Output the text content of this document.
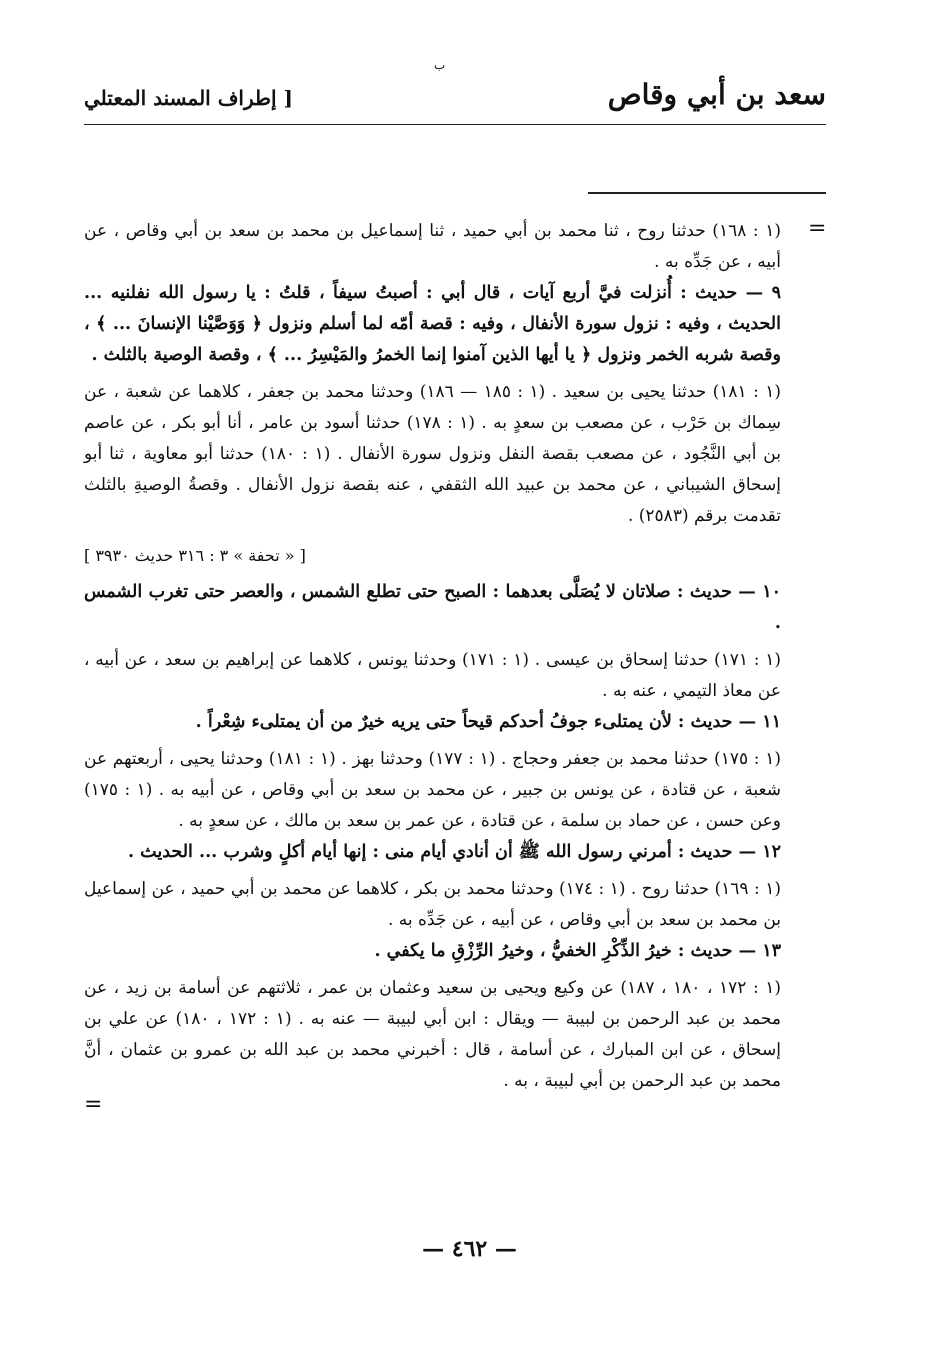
ب
[ إطراف المسند المعتلي	سعد بن أبي وقاص
=

(١ : ١٦٨) حدثنا روح ، ثنا محمد بن أبي حميد ، ثنا إسماعيل بن محمد بن سعد بن أبي وقاص ، عن أبيه ، عن جَدِّه به .

٩ — حديث : أُنزلت فيَّ أربع آيات ، قال أبي : أصبتُ سيفاً ، قلتُ : يا رسول الله نفلنيه ... الحديث ، وفيه : نزول سورة الأنفال ، وفيه : قصة أمّه لما أسلم ونزول ﴿ وَوَصَّيْنا الإنسانَ ... ﴾ ، وقصة شربه الخمر ونزول ﴿ يا أيها الذين آمنوا إنما الخمرُ والمَيْسِرُ ... ﴾ ، وقصة الوصية بالثلث .

(١ : ١٨١) حدثنا يحيى بن سعيد . (١ : ١٨٥ — ١٨٦) وحدثنا محمد بن جعفر ، كلاهما عن شعبة ، عن سِماك بن حَرْب ، عن مصعب بن سعدٍ به . (١ : ١٧٨) حدثنا أسود بن عامر ، أنا أبو بكر ، عن عاصم بن أبي النَّجُود ، عن مصعب بقصة النفل ونزول سورة الأنفال . (١ : ١٨٠) حدثنا أبو معاوية ، ثنا أبو إسحاق الشيباني ، عن محمد بن عبيد الله الثقفي ، عنه بقصة نزول الأنفال . وقصةُ الوصيةِ بالثلث تقدمت برقم (٢٥٨٣) .

[ « تحفة » ٣ : ٣١٦ حديث ٣٩٣٠ ]

١٠ — حديث : صلاتان لا يُصَلَّى بعدهما : الصبح حتى تطلع الشمس ، والعصر حتى تغرب الشمس .

(١ : ١٧١) حدثنا إسحاق بن عيسى . (١ : ١٧١) وحدثنا يونس ، كلاهما عن إبراهيم بن سعد ، عن أبيه ، عن معاذ التيمي ، عنه به .

١١ — حديث : لأن يمتلىء جوفُ أحدكم قيحاً حتى يريه خيرٌ من أن يمتلىء شِعْراً .

(١ : ١٧٥) حدثنا محمد بن جعفر وحجاج . (١ : ١٧٧) وحدثنا بهز . (١ : ١٨١) وحدثنا يحيى ، أربعتهم عن شعبة ، عن قتادة ، عن يونس بن جبير ، عن محمد بن سعد بن أبي وقاص ، عن أبيه به . (١ : ١٧٥) وعن حسن ، عن حماد بن سلمة ، عن قتادة ، عن عمر بن سعد بن مالك ، عن سعدٍ به .

١٢ — حديث : أمرني رسول الله ﷺ أن أنادي أيام منى : إنها أيام أكلٍ وشرب ... الحديث .

(١ : ١٦٩) حدثنا روح . (١ : ١٧٤) وحدثنا محمد بن بكر ، كلاهما عن محمد بن أبي حميد ، عن إسماعيل بن محمد بن سعد بن أبي وقاص ، عن أبيه ، عن جَدِّه به .

١٣ — حديث : خيرُ الذِّكْرِ الخفيُّ ، وخيرُ الرِّزْقِ ما يكفي .

(١ : ١٧٢ ، ١٨٠ ، ١٨٧) عن وكيع ويحيى بن سعيد وعثمان بن عمر ، ثلاثتهم عن أسامة بن زيد ، عن محمد بن عبد الرحمن بن لبيبة — ويقال : ابن أبي لبيبة — عنه به . (١ : ١٧٢ ، ١٨٠) عن علي بن إسحاق ، عن ابن المبارك ، عن أسامة ، قال : أخبرني محمد بن عبد الله بن عمرو بن عثمان ، أنَّ محمد بن عبد الرحمن بن أبي لبيبة ، به .

=
— ٤٦٢ —
